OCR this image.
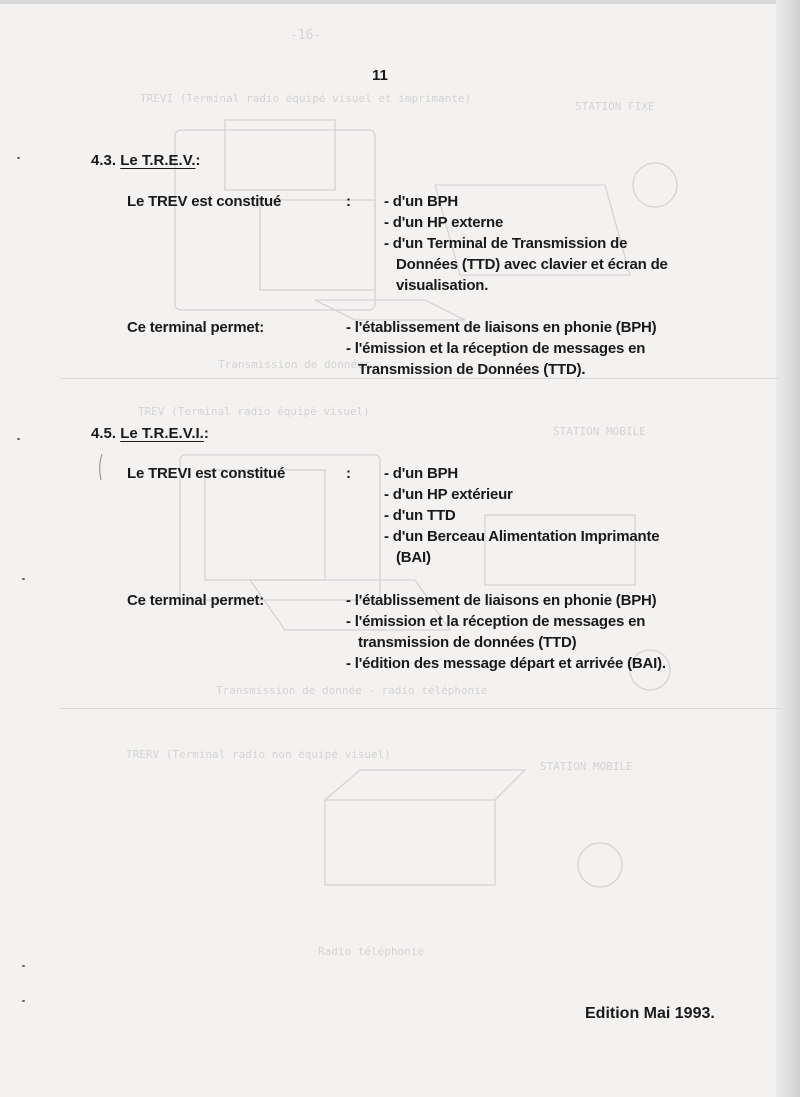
-16-
TREVI (Terminal radio équipé visuel et imprimante)
STATION FIXE
Transmission de données
TREV (Terminal radio équipé visuel)
STATION MOBILE
Transmission de donnée - radio téléphonie
TRERV (Terminal radio non équipé visuel)
STATION MOBILE
Radio téléphonie
11
4.3. Le T.R.E.V.:
Le TREV est constitué	: - d'un BPH
- d'un HP externe
- d'un Terminal de Transmission de
Données (TTD) avec clavier et écran de
visualisation.
Ce terminal permet:	- l'établissement de liaisons en phonie (BPH)
- l'émission et la réception de messages en
Transmission de Données (TTD).
4.5. Le T.R.E.V.I.:
Le TREVI est constitué	: - d'un BPH
- d'un HP extérieur
- d'un TTD
- d'un Berceau Alimentation Imprimante
(BAI)
Ce terminal permet:	- l'établissement de liaisons en phonie (BPH)
- l'émission et la réception de messages en
transmission de données (TTD)
- l'édition des message départ et arrivée (BAI).
Edition Mai 1993.
